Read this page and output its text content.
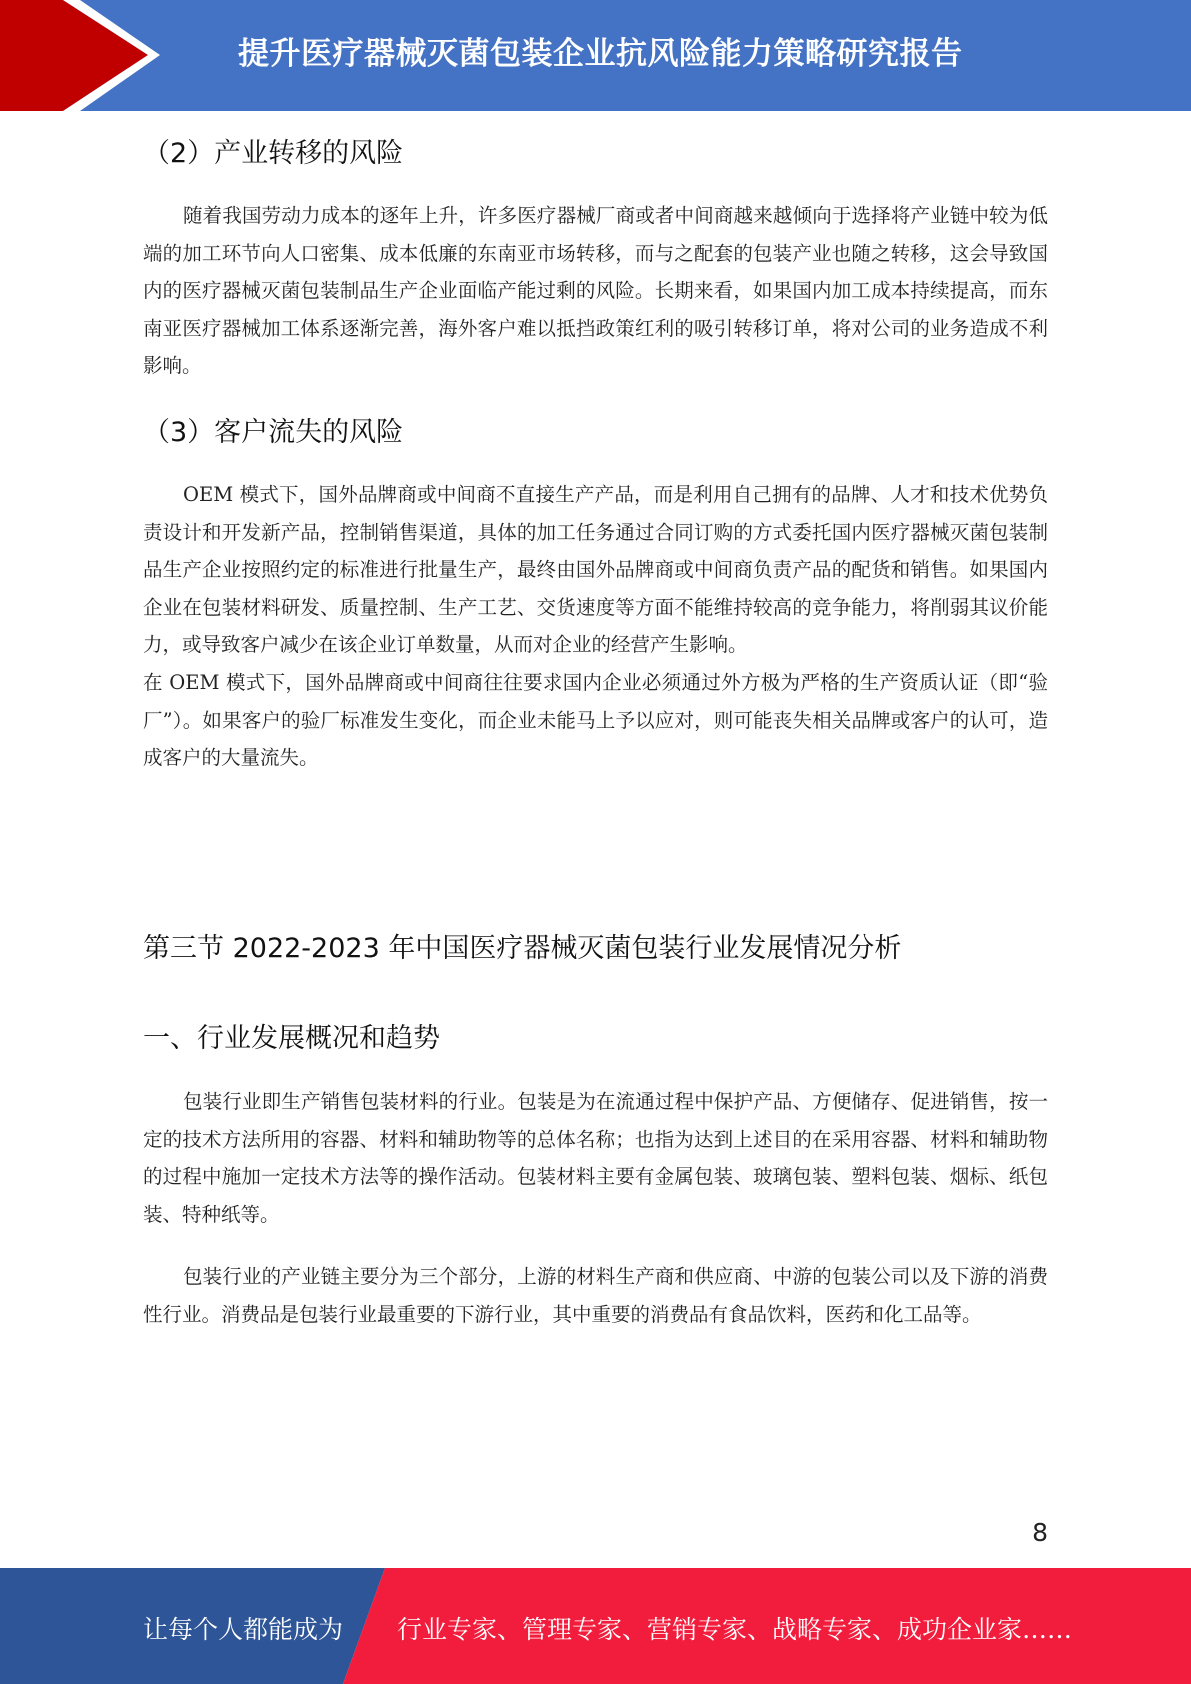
提升医疗器械灭菌包装企业抗风险能力策略研究报告
（2）产业转移的风险
随着我国劳动力成本的逐年上升，许多医疗器械厂商或者中间商越来越倾向于选择将产业链中较为低端的加工环节向人口密集、成本低廉的东南亚市场转移，而与之配套的包装产业也随之转移，这会导致国内的医疗器械灭菌包装制品生产企业面临产能过剩的风险。长期来看，如果国内加工成本持续提高，而东南亚医疗器械加工体系逐渐完善，海外客户难以抵挡政策红利的吸引转移订单，将对公司的业务造成不利影响。
（3）客户流失的风险
OEM 模式下，国外品牌商或中间商不直接生产产品，而是利用自己拥有的品牌、人才和技术优势负责设计和开发新产品，控制销售渠道，具体的加工任务通过合同订购的方式委托国内医疗器械灭菌包装制品生产企业按照约定的标准进行批量生产，最终由国外品牌商或中间商负责产品的配货和销售。如果国内企业在包装材料研发、质量控制、生产工艺、交货速度等方面不能维持较高的竞争能力，将削弱其议价能力，或导致客户减少在该企业订单数量，从而对企业的经营产生影响。
在 OEM 模式下，国外品牌商或中间商往往要求国内企业必须通过外方极为严格的生产资质认证（即“验厂”）。如果客户的验厂标准发生变化，而企业未能马上予以应对，则可能丧失相关品牌或客户的认可，造成客户的大量流失。
第三节 2022-2023 年中国医疗器械灭菌包装行业发展情况分析
一、行业发展概况和趋势
包装行业即生产销售包装材料的行业。包装是为在流通过程中保护产品、方便储存、促进销售，按一定的技术方法所用的容器、材料和辅助物等的总体名称；也指为达到上述目的在采用容器、材料和辅助物的过程中施加一定技术方法等的操作活动。包装材料主要有金属包装、玻璃包装、塑料包装、烟标、纸包装、特种纸等。
包装行业的产业链主要分为三个部分，上游的材料生产商和供应商、中游的包装公司以及下游的消费性行业。消费品是包装行业最重要的下游行业，其中重要的消费品有食品饮料，医药和化工品等。
8
让每个人都能成为 行业专家、管理专家、营销专家、战略专家、成功企业家……
